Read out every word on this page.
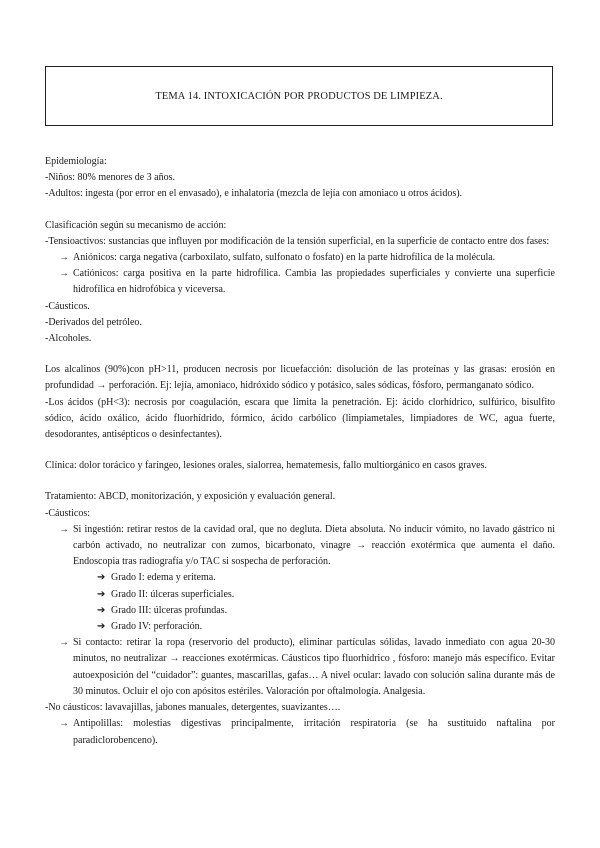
TEMA 14. INTOXICACIÓN POR PRODUCTOS DE LIMPIEZA.

Epidemiología:

-Niños: 80% menores de 3 años.

-Adultos: ingesta (por error en el envasado), e inhalatoria (mezcla de lejía con amoniaco u otros ácidos).

Clasificación según su mecanismo de acción:

-Tensioactivos: sustancias que influyen por modificación de la tensión superficial, en la superficie de contacto entre dos fases:

→ Aniónicos: carga negativa (carboxilato, sulfato, sulfonato o fosfato) en la parte hidrofílica de la molécula.
→ Catiónicos: carga positiva en la parte hidrofílica. Cambia las propiedades superficiales y convierte una superficie hidrofílica en hidrofóbica y viceversa.

-Cáusticos.

-Derivados del petróleo.

-Alcoholes.

Los alcalinos (90%)con pH>11, producen necrosis por licuefacción: disolución de las proteínas y las grasas: erosión en profundidad → perforación. Ej: lejía, amoniaco, hidróxido sódico y potásico, sales sódicas, fósforo, permanganato sódico.

-Los ácidos (pH<3): necrosis por coagulación, escara que limita la penetración. Ej: ácido clorhídrico, sulfúrico, bisulfito sódico, ácido oxálico, ácido fluorhídrido, fórmico, ácido carbólico (limpiametales, limpiadores de WC, agua fuerte, desodorantes, antisépticos o desinfectantes).

Clínica: dolor torácico y faríngeo, lesiones orales, sialorrea, hematemesis, fallo multiorgánico en casos graves.

Tratamiento: ABCD, monitorización, y exposición y evaluación general.

-Cáusticos:

→ Si ingestión: retirar restos de la cavidad oral, que no degluta. Dieta absoluta. No inducir vómito, no lavado gástrico ni carbón activado, no neutralizar con zumos, bicarbonato, vinagre → reacción exotérmica que aumenta el daño. Endoscopia tras radiografía y/o TAC si sospecha de perforación.
➔ Grado I: edema y eritema.
➔ Grado II: úlceras superficiales.
➔ Grado III: úlceras profundas.
➔ Grado IV: perforación.
→ Si contacto: retirar la ropa (reservorio del producto), eliminar partículas sólidas, lavado inmediato con agua 20-30 minutos, no neutralizar → reacciones exotérmicas. Cáusticos tipo fluorhídrico , fósforo: manejo más específico. Evitar autoexposición del “cuidador”: guantes, mascarillas, gafas… A nivel ocular: lavado con solución salina durante más de 30 minutos. Ocluir el ojo con apósitos estériles. Valoración por oftalmología. Analgesia.

-No cáusticos: lavavajillas, jabones manuales, detergentes, suavizantes….

→ Antipolillas: molestias digestivas principalmente, irritación respiratoria (se ha sustituido naftalina por paradiclorobenceno).
